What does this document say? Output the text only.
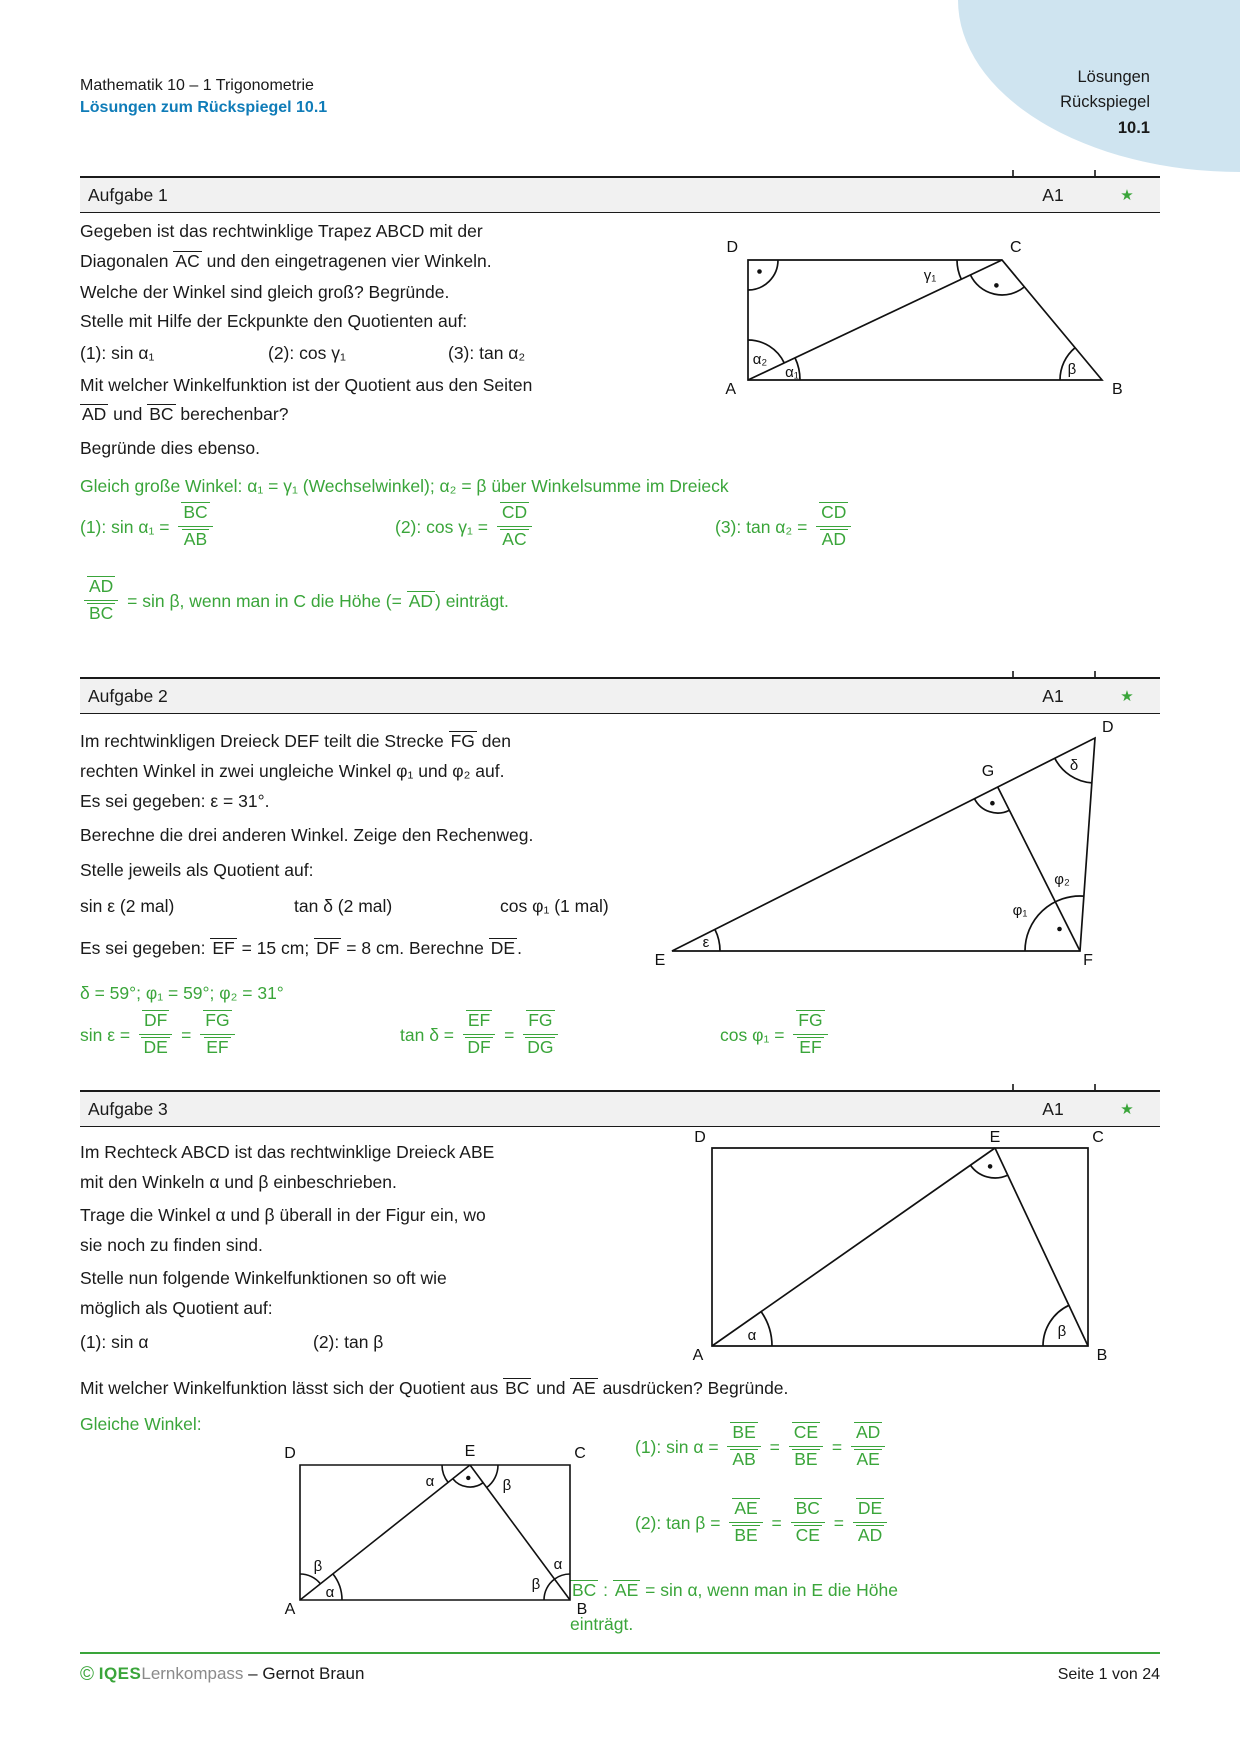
Lösungen
Rückspiegel
10.1
Mathematik 10 – 1 Trigonometrie
Lösungen zum Rückspiegel 10.1
Aufgabe 1	A1	★
Gegeben ist das rechtwinklige Trapez ABCD mit der
Diagonalen AC und den eingetragenen vier Winkeln.
Welche der Winkel sind gleich groß? Begründe.
Stelle mit Hilfe der Eckpunkte den Quotienten auf:
(1): sin α₁	(2): cos γ₁	(3): tan α₂
Mit welcher Winkelfunktion ist der Quotient aus den Seiten
AD und BC berechenbar?
Begründe dies ebenso.
Gleich große Winkel: α₁ = γ₁ (Wechselwinkel); α₂ = β über Winkelsumme im Dreieck
(1): $\sin \alpha_1 = \frac{BC}{AB}$	(2): $\cos \gamma_1 = \frac{CD}{AC}$	(3): $\tan \alpha_2 = \frac{CD}{AD}$
$\frac{AD}{BC} = \sin \beta$, wenn man in C die Höhe (= AD ) einträgt.
D	C
A	B
γ₁
α₂
α₁	β
Aufgabe 2	A1	★
Im rechtwinkligen Dreieck DEF teilt die Strecke FG den
rechten Winkel in zwei ungleiche Winkel φ₁ und φ₂ auf.
Es sei gegeben: ε = 31°.
Berechne die drei anderen Winkel. Zeige den Rechenweg.
Stelle jeweils als Quotient auf:
sin ε (2 mal)	tan δ (2 mal)	cos φ₁ (1 mal)
Es sei gegeben: EF = 15 cm; DF = 8 cm. Berechne DE .
δ = 59°; φ₁ = 59°; φ₂ = 31°
$\sin \varepsilon = \frac{DF}{DE} = \frac{FG}{EF}$	$\tan \delta = \frac{EF}{DF} = \frac{FG}{DG}$	$\cos \varphi_1 = \frac{FG}{EF}$
E	F
D
G	δ
ε
φ₁
φ₂
Aufgabe 3	A1	★
Im Rechteck ABCD ist das rechtwinklige Dreieck ABE
mit den Winkeln α und β einbeschrieben.
Trage die Winkel α und β überall in der Figur ein, wo
sie noch zu finden sind.
Stelle nun folgende Winkelfunktionen so oft wie
möglich als Quotient auf:
(1): sin α	(2): tan β
Mit welcher Winkelfunktion lässt sich der Quotient aus BC und AE ausdrücken? Begründe.
Gleiche Winkel:
(1): $\sin \alpha = \frac{BE}{AB} = \frac{CE}{BE} = \frac{AD}{AE}$
(2): $\tan \beta = \frac{AE}{BE} = \frac{BC}{CE} = \frac{DE}{AD}$
BC : AE = sin α, wenn man in E die Höhe
einträgt.
D	E	C
A	B
α	β
D	E	C
A	B
α	β
β
α
α
β
© IQESLernkompass – Gernot Braun	Seite 1 von 24
